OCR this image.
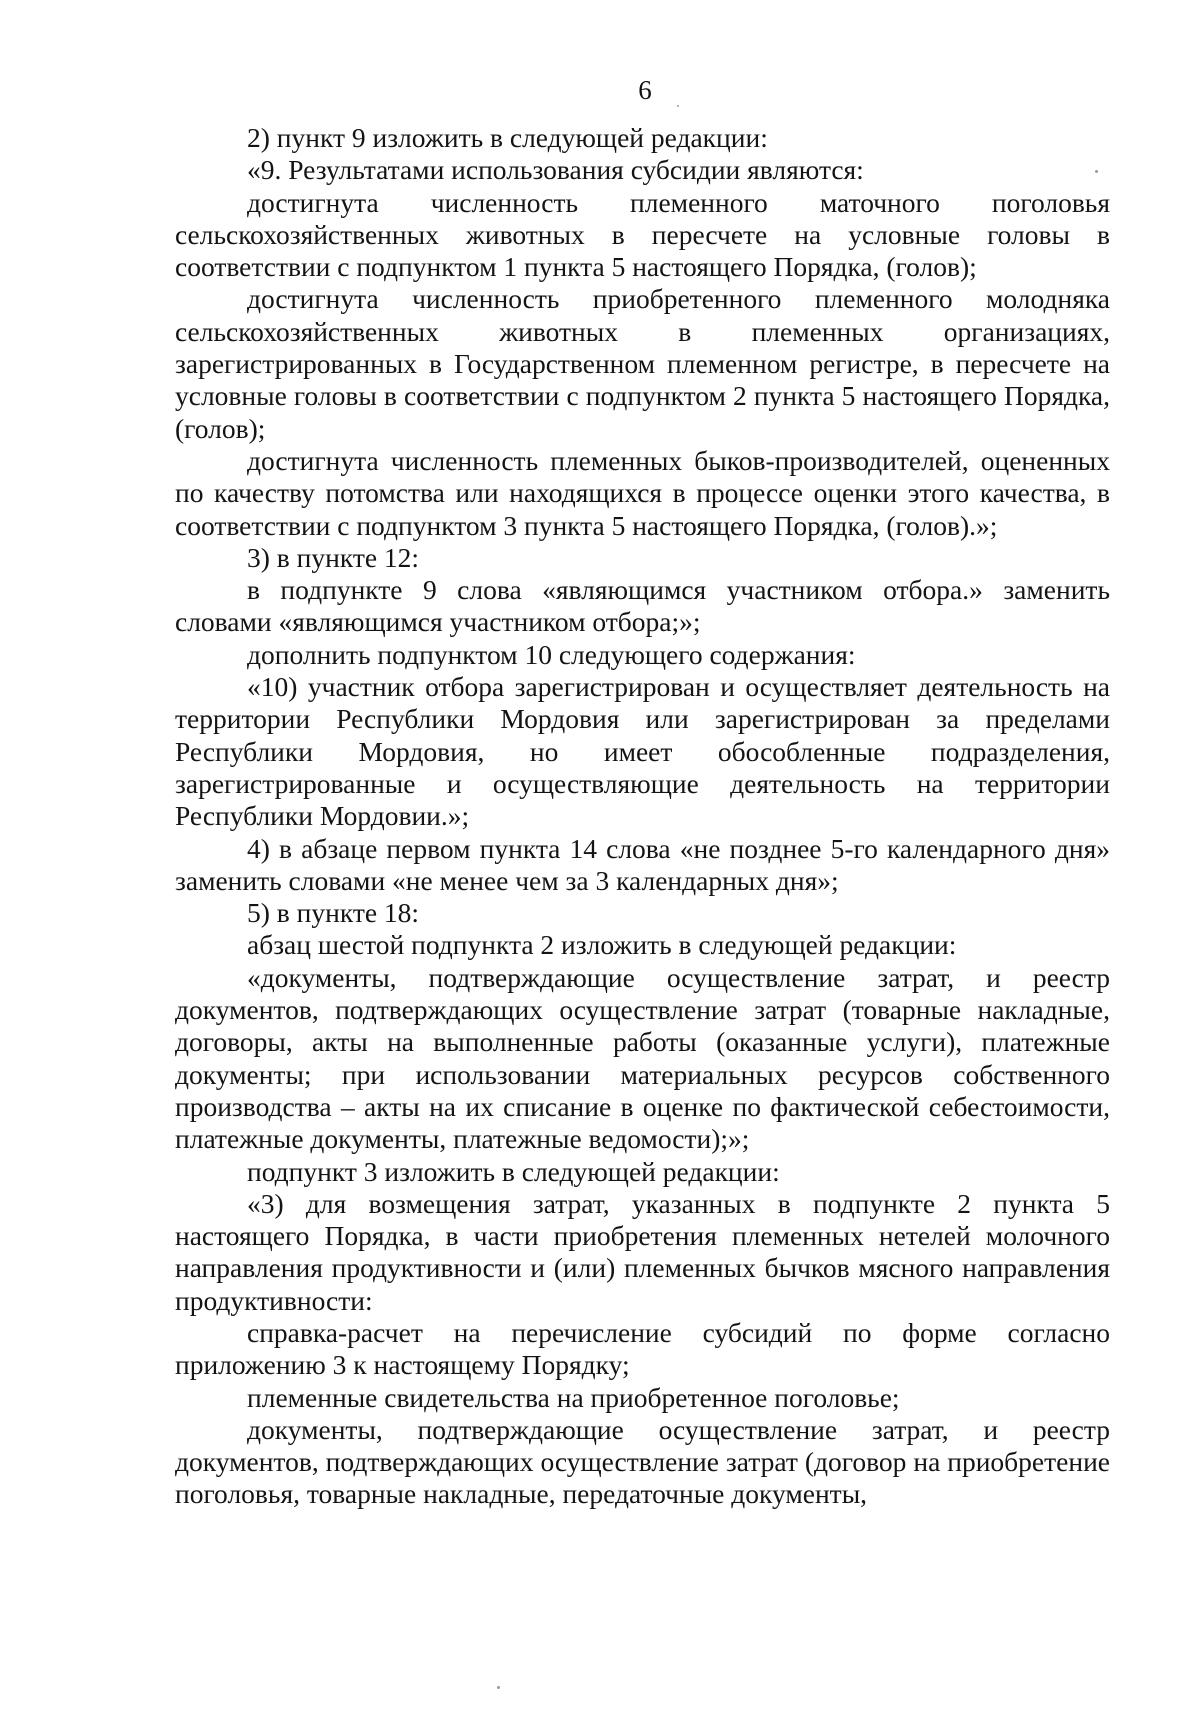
6

2) пункт 9 изложить в следующей редакции:

«9. Результатами использования субсидии являются:

достигнута численность племенного маточного поголовья сельскохозяйственных животных в пересчете на условные головы в соответствии с подпунктом 1 пункта 5 настоящего Порядка, (голов);

достигнута численность приобретенного племенного молодняка сельскохозяйственных животных в племенных организациях, зарегистрированных в Государственном племенном регистре, в пересчете на условные головы в соответствии с подпунктом 2 пункта 5 настоящего Порядка, (голов);

достигнута численность племенных быков-производителей, оцененных по качеству потомства или находящихся в процессе оценки этого качества, в соответствии с подпунктом 3 пункта 5 настоящего Порядка, (голов).»;

3) в пункте 12:

в подпункте 9 слова «являющимся участником отбора.» заменить словами «являющимся участником отбора;»;

дополнить подпунктом 10 следующего содержания:

«10) участник отбора зарегистрирован и осуществляет деятельность на территории Республики Мордовия или зарегистрирован за пределами Республики Мордовия, но имеет обособленные подразделения, зарегистрированные и осуществляющие деятельность на территории Республики Мордовии.»;

4) в абзаце первом пункта 14 слова «не позднее 5-го календарного дня» заменить словами «не менее чем за 3 календарных дня»;

5) в пункте 18:

абзац шестой подпункта 2 изложить в следующей редакции:

«документы, подтверждающие осуществление затрат, и реестр документов, подтверждающих осуществление затрат (товарные накладные, договоры, акты на выполненные работы (оказанные услуги), платежные документы; при использовании материальных ресурсов собственного производства – акты на их списание в оценке по фактической себестоимости, платежные документы, платежные ведомости);»;

подпункт 3 изложить в следующей редакции:

«3) для возмещения затрат, указанных в подпункте 2 пункта 5 настоящего Порядка, в части приобретения племенных нетелей молочного направления продуктивности и (или) племенных бычков мясного направления продуктивности:

справка-расчет на перечисление субсидий по форме согласно приложению 3 к настоящему Порядку;

племенные свидетельства на приобретенное поголовье;

документы, подтверждающие осуществление затрат, и реестр документов, подтверждающих осуществление затрат (договор на приобретение поголовья, товарные накладные, передаточные документы,
